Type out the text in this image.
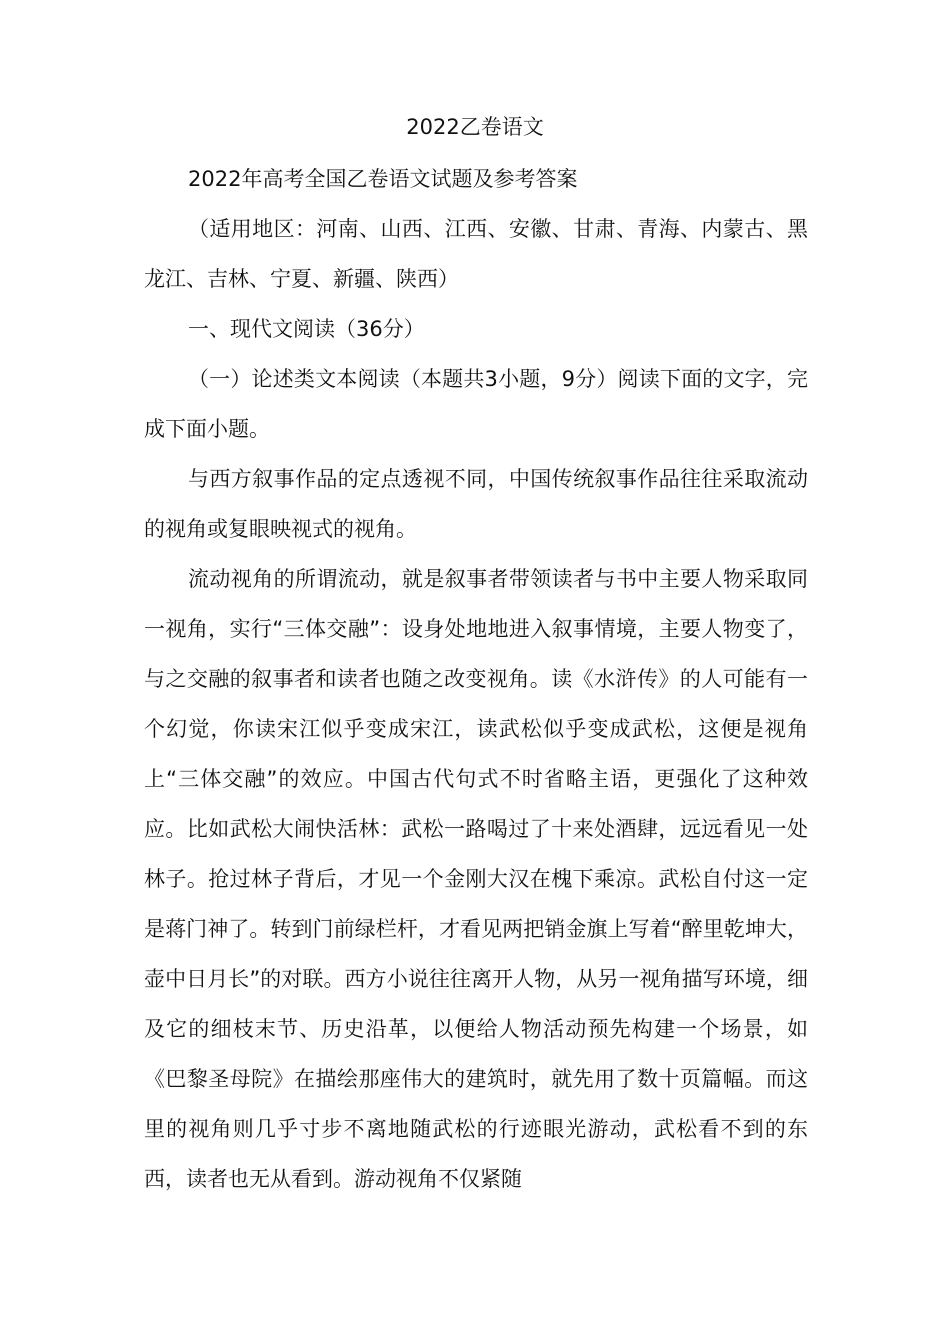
2022乙卷语文

2022年高考全国乙卷语文试题及参考答案

（适用地区：河南、山西、江西、安徽、甘肃、青海、内蒙古、黑龙江、吉林、宁夏、新疆、陕西）

一、现代文阅读（36分）

（一）论述类文本阅读（本题共3小题，9分）阅读下面的文字，完成下面小题。

与西方叙事作品的定点透视不同，中国传统叙事作品往往采取流动的视角或复眼映视式的视角。

流动视角的所谓流动，就是叙事者带领读者与书中主要人物采取同一视角，实行“三体交融”：设身处地地进入叙事情境，主要人物变了，与之交融的叙事者和读者也随之改变视角。读《水浒传》的人可能有一个幻觉，你读宋江似乎变成宋江，读武松似乎变成武松，这便是视角上“三体交融”的效应。中国古代句式不时省略主语，更强化了这种效应。比如武松大闹快活林：武松一路喝过了十来处酒肆，远远看见一处林子。抢过林子背后，才见一个金刚大汉在槐下乘凉。武松自付这一定是蒋门神了。转到门前绿栏杆，才看见两把销金旗上写着“醉里乾坤大，壶中日月长”的对联。西方小说往往离开人物，从另一视角描写环境，细及它的细枝末节、历史沿革，以便给人物活动预先构建一个场景，如《巴黎圣母院》在描绘那座伟大的建筑时，就先用了数十页篇幅。而这里的视角则几乎寸步不离地随武松的行迹眼光游动，武松看不到的东西，读者也无从看到。游动视角不仅紧随
